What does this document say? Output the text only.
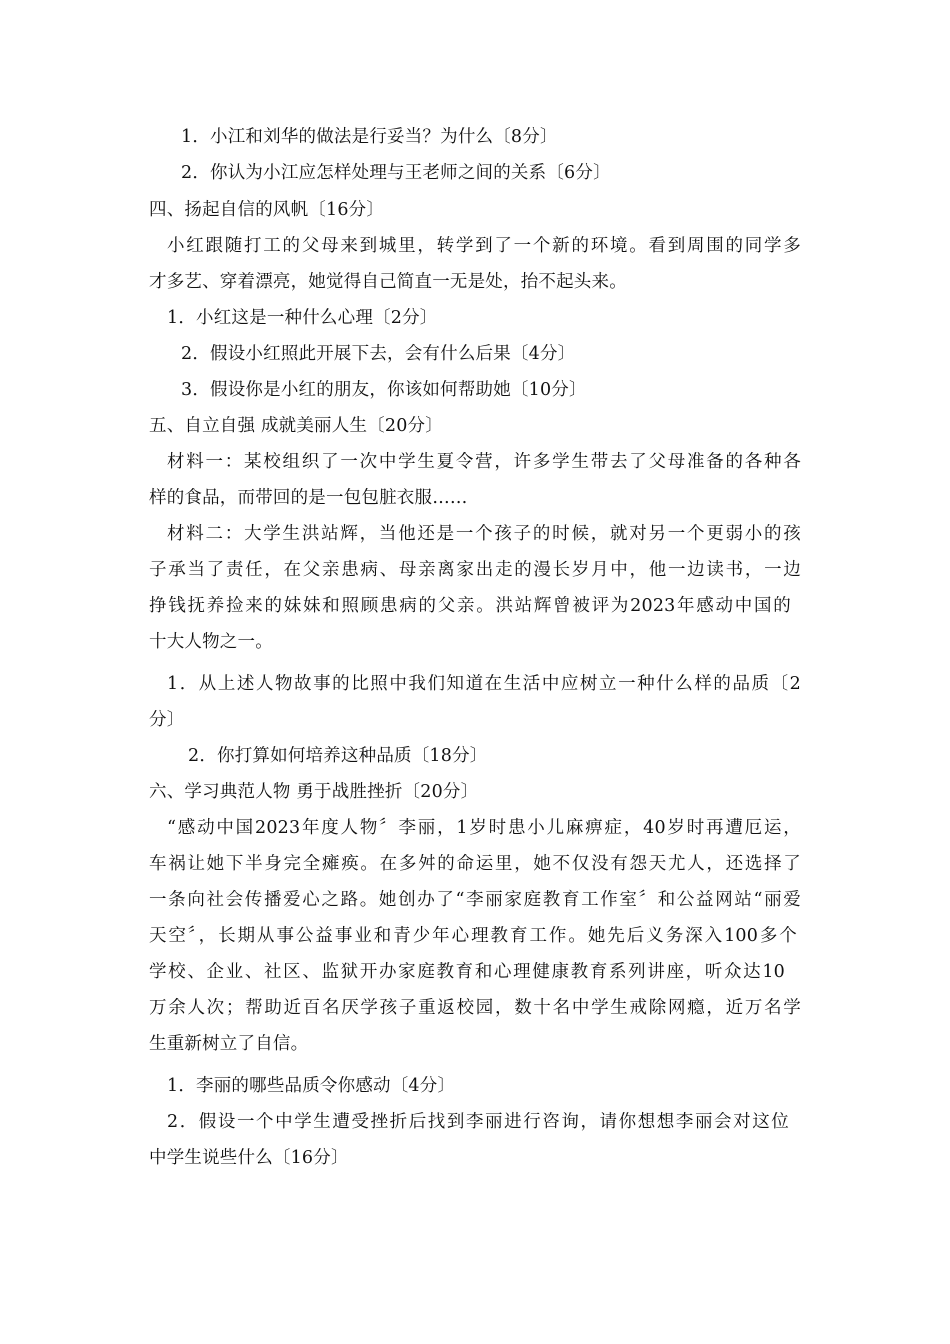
1．小江和刘华的做法是行妥当？为什么〔8分〕
2．你认为小江应怎样处理与王老师之间的关系〔6分〕
四、扬起自信的风帆〔16分〕
小红跟随打工的父母来到城里，转学到了一个新的环境。看到周围的同学多
才多艺、穿着漂亮，她觉得自己简直一无是处，抬不起头来。
1．小红这是一种什么心理〔2分〕
2．假设小红照此开展下去，会有什么后果〔4分〕
3．假设你是小红的朋友，你该如何帮助她〔10分〕
五、自立自强 成就美丽人生〔20分〕
材料一：某校组织了一次中学生夏令营，许多学生带去了父母准备的各种各
样的食品，而带回的是一包包脏衣服……
材料二：大学生洪站辉，当他还是一个孩子的时候，就对另一个更弱小的孩
子承当了责任，在父亲患病、母亲离家出走的漫长岁月中，他一边读书，一边
挣钱抚养捡来的妹妹和照顾患病的父亲。洪站辉曾被评为2023年感动中国的
十大人物之一。
1．从上述人物故事的比照中我们知道在生活中应树立一种什么样的品质〔2
分〕
2．你打算如何培养这种品质〔18分〕
六、学习典范人物 勇于战胜挫折〔20分〕
“感动中国2023年度人物〞李丽，1岁时患小儿麻痹症，40岁时再遭厄运，
车祸让她下半身完全瘫痪。在多舛的命运里，她不仅没有怨天尤人，还选择了
一条向社会传播爱心之路。她创办了“李丽家庭教育工作室〞和公益网站“丽爱
天空〞，长期从事公益事业和青少年心理教育工作。她先后义务深入100多个
学校、企业、社区、监狱开办家庭教育和心理健康教育系列讲座，听众达10
万余人次；帮助近百名厌学孩子重返校园，数十名中学生戒除网瘾，近万名学
生重新树立了自信。
1．李丽的哪些品质令你感动〔4分〕
2．假设一个中学生遭受挫折后找到李丽进行咨询，请你想想李丽会对这位
中学生说些什么〔16分〕
